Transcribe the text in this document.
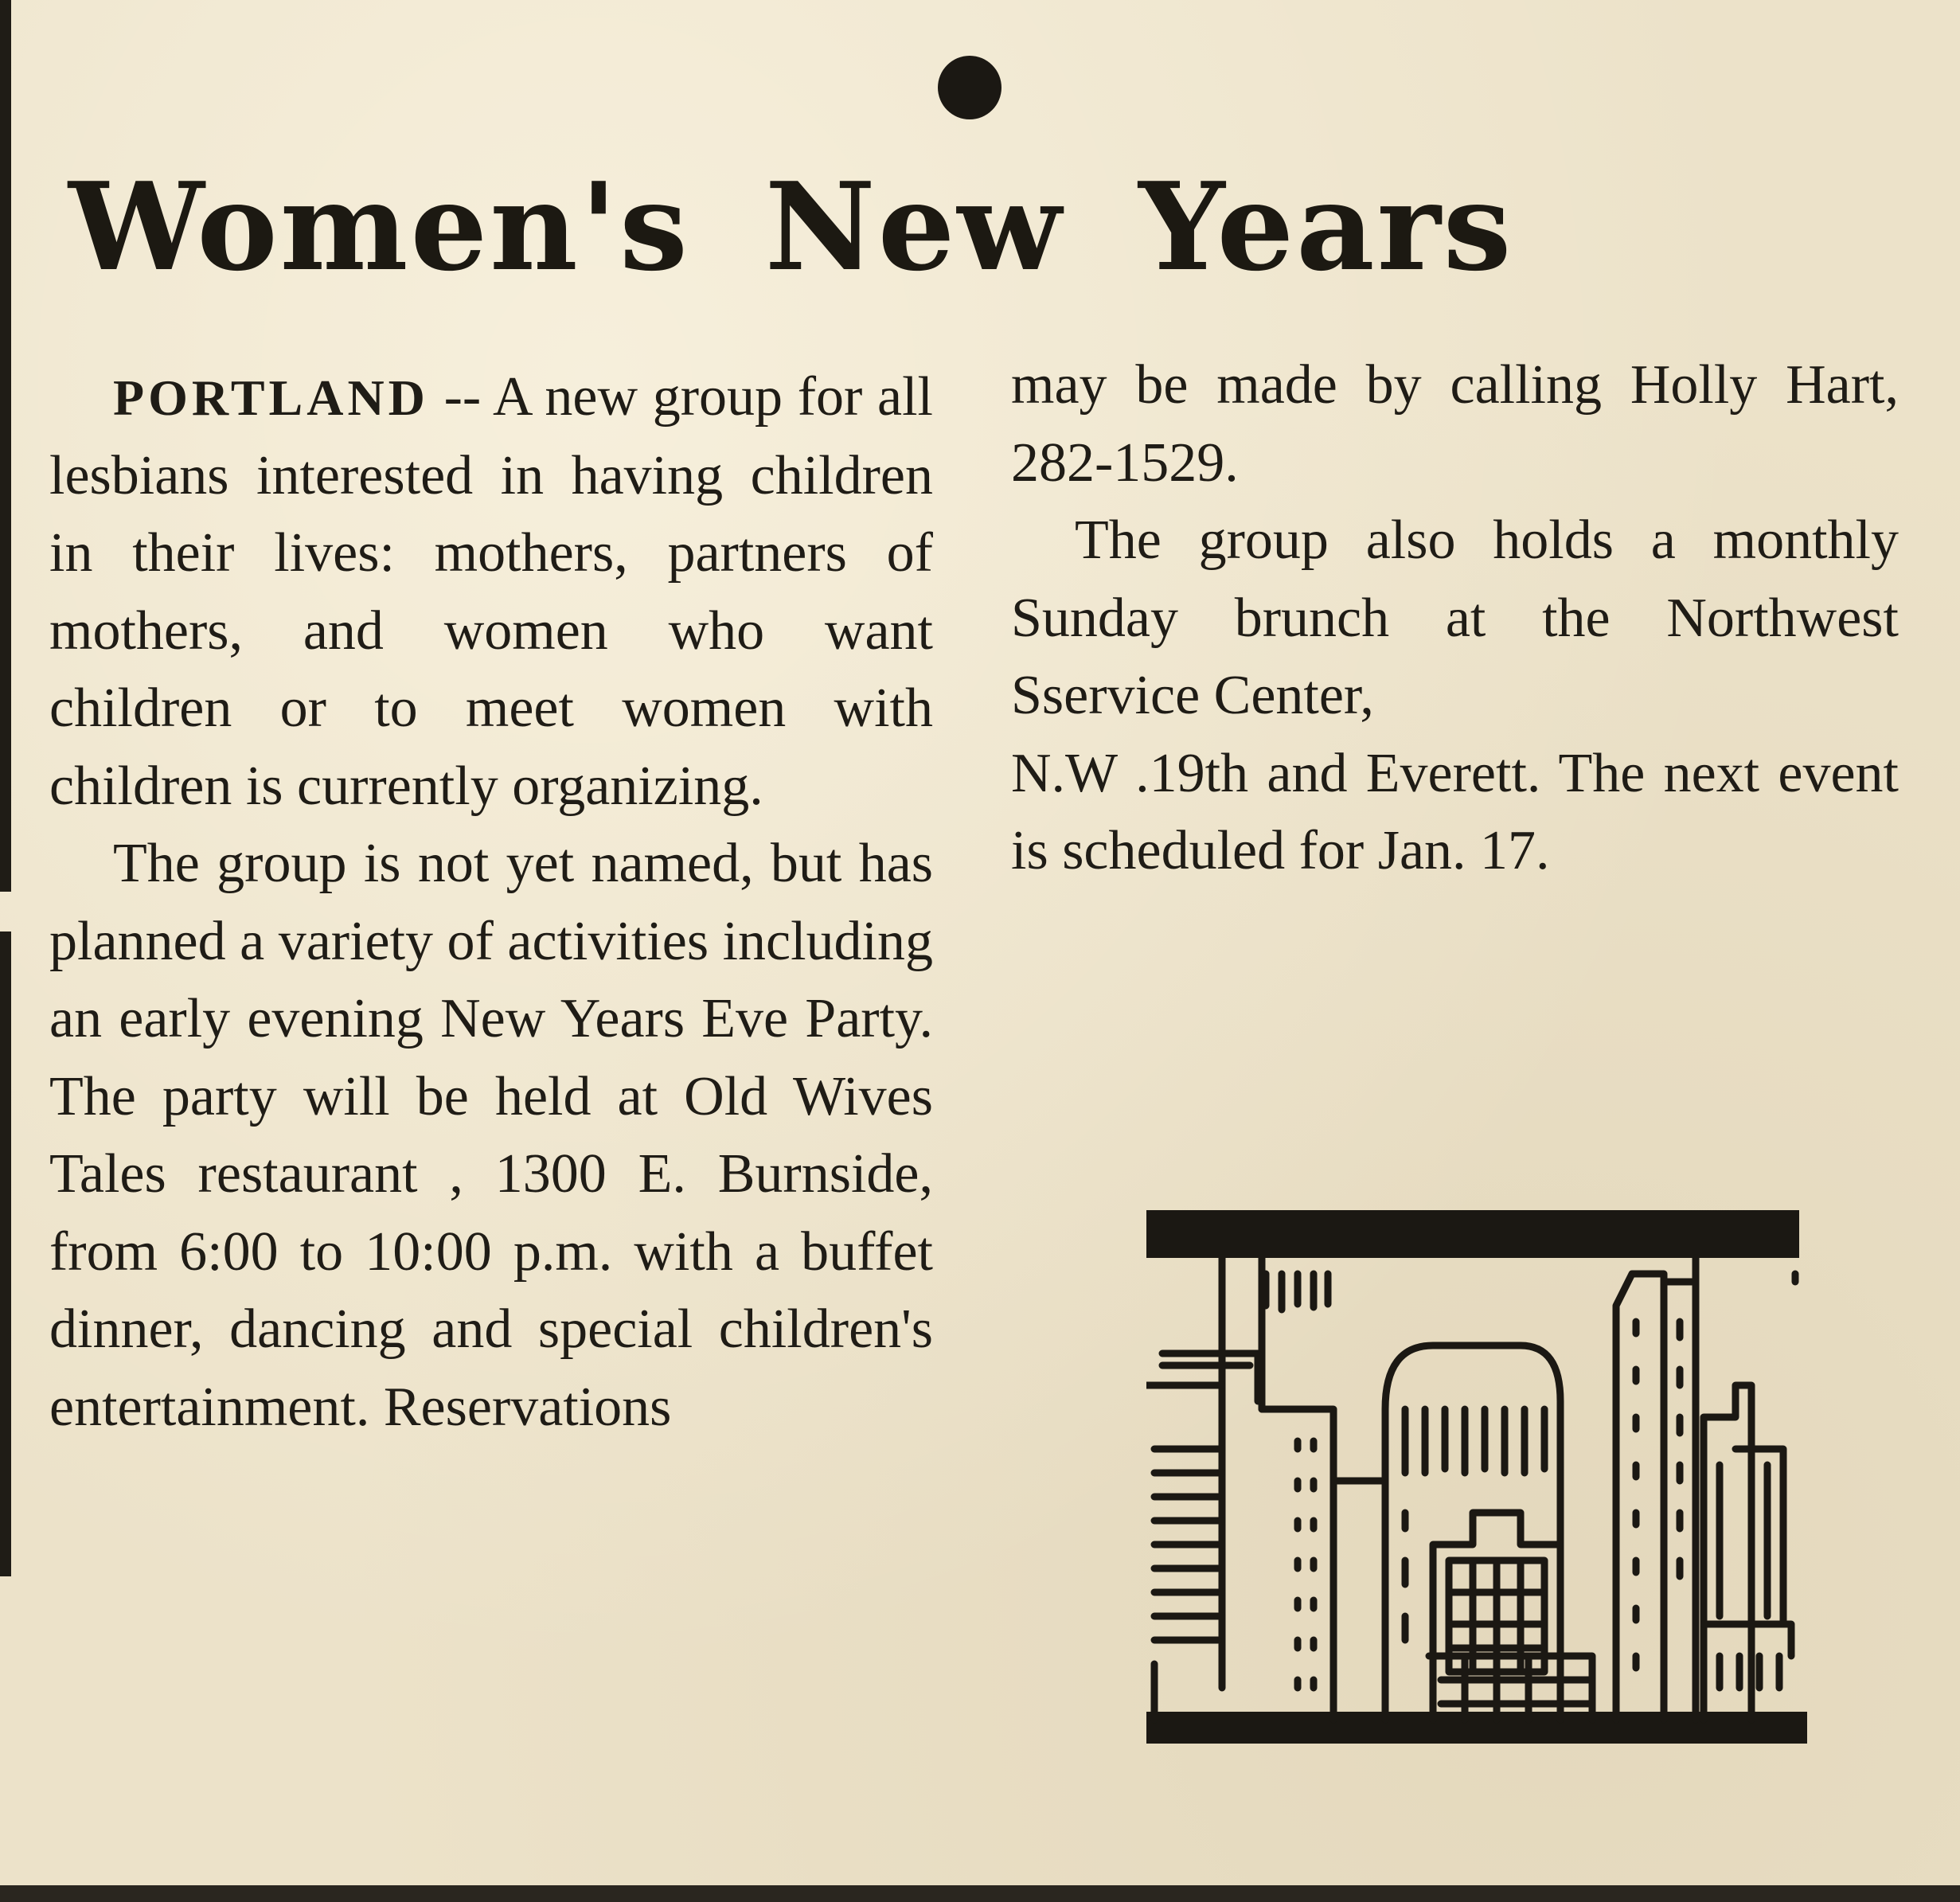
Women's New Years

PORTLAND -- A new group for all lesbians interested in having children in their lives: mothers, partners of mothers, and women who want children or to meet women with children is currently organizing.

The group is not yet named, but has planned a variety of activities including an early evening New Years Eve Party. The party will be held at Old Wives Tales restaurant , 1300 E. Burnside, from 6:00 to 10:00 p.m. with a buffet dinner, dancing and special children's entertainment. Reservations

may be made by calling Holly Hart, 282-1529.

The group also holds a monthly Sunday brunch at the Northwest Sservice Center,

N.W .19th and Everett. The next event is scheduled for Jan. 17.
